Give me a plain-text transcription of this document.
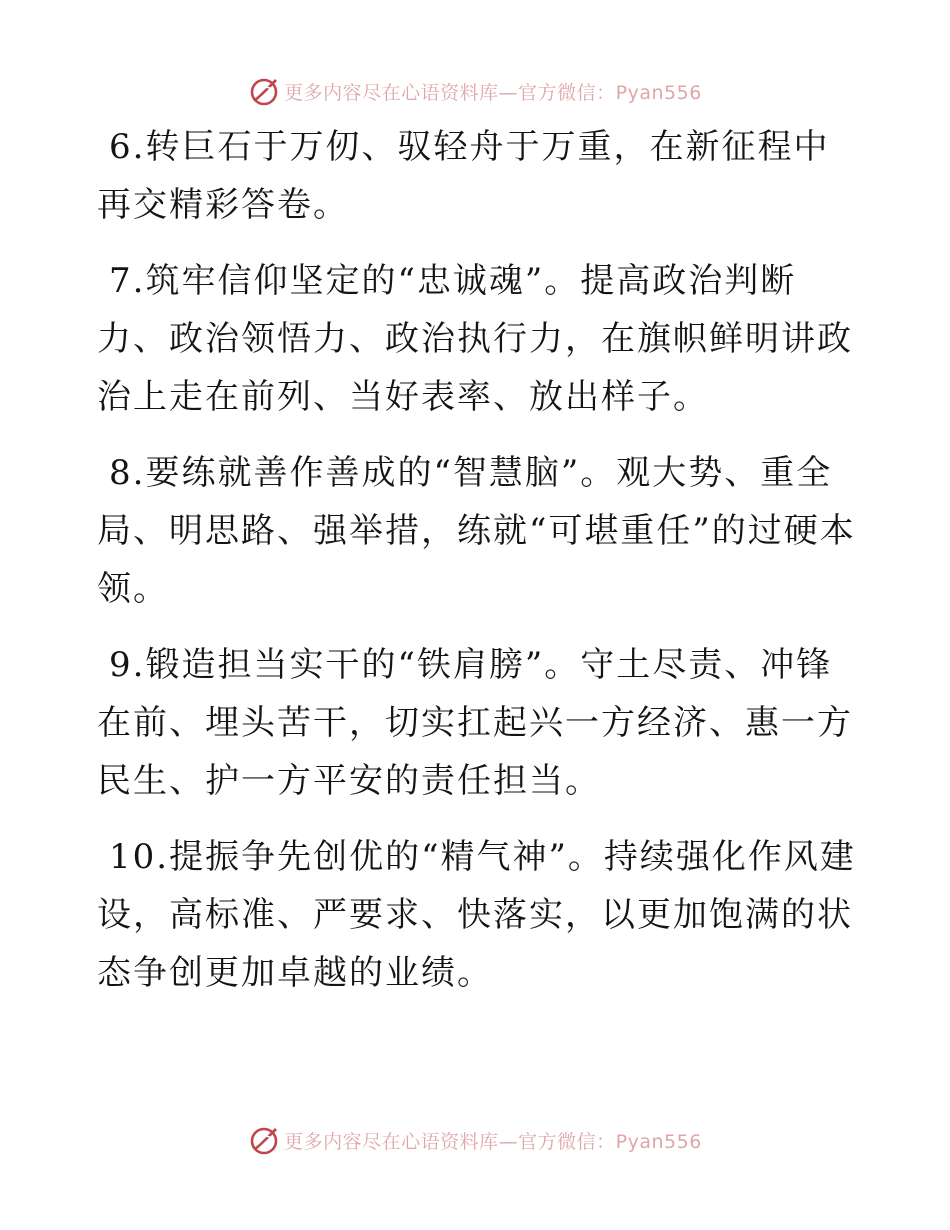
更多内容尽在心语资料库—官方微信：Pyan556

6.转巨石于万仞、驭轻舟于万重，在新征程中再交精彩答卷。

7.筑牢信仰坚定的“忠诚魂”。提高政治判断力、政治领悟力、政治执行力，在旗帜鲜明讲政治上走在前列、当好表率、放出样子。

8.要练就善作善成的“智慧脑”。观大势、重全局、明思路、强举措，练就“可堪重任”的过硬本领。

9.锻造担当实干的“铁肩膀”。守土尽责、冲锋在前、埋头苦干，切实扛起兴一方经济、惠一方民生、护一方平安的责任担当。

10.提振争先创优的“精气神”。持续强化作风建设，高标准、严要求、快落实，以更加饱满的状态争创更加卓越的业绩。

更多内容尽在心语资料库—官方微信：Pyan556
